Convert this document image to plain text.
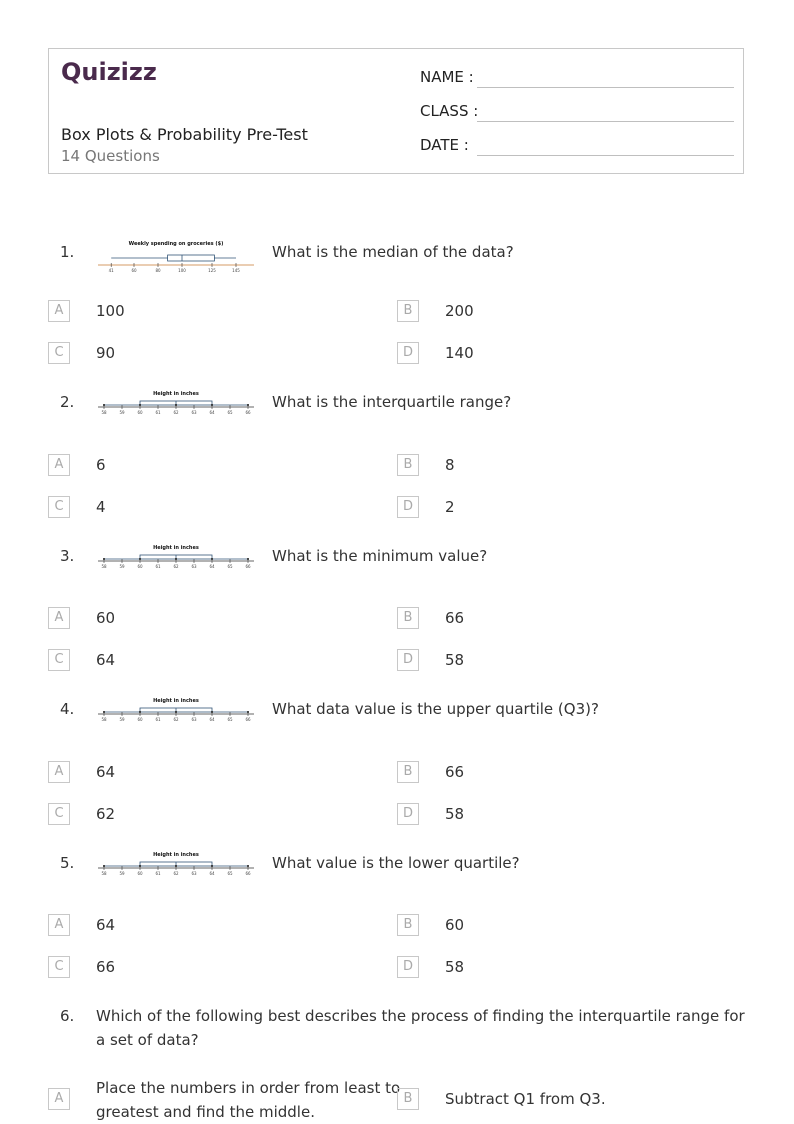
Quizizz
Box Plots & Probability Pre-Test
14 Questions
NAME :
CLASS :
DATE :
1.	Weekly spending on groceries ($)
41	60	80	100	125	145
What is the median of the data?
A	100	B	200
C	90	D	140
2.	Height in inches
58	59	60	61	62	63	64	65	66
What is the interquartile range?
A	6	B	8
C	4	D	2
3.	Height in inches
58	59	60	61	62	63	64	65	66
What is the minimum value?
A	60	B	66
C	64	D	58
4.	Height in inches
58	59	60	61	62	63	64	65	66
What data value is the upper quartile (Q3)?
A	64	B	66
C	62	D	58
5.	Height in inches
58	59	60	61	62	63	64	65	66
What value is the lower quartile?
A	64	B	60
C	66	D	58
6. Which of the following best describes the process of finding the interquartile range for a set of data?
A
Place the numbers in order from least to greatest and find the middle.
B	Subtract Q1 from Q3.
